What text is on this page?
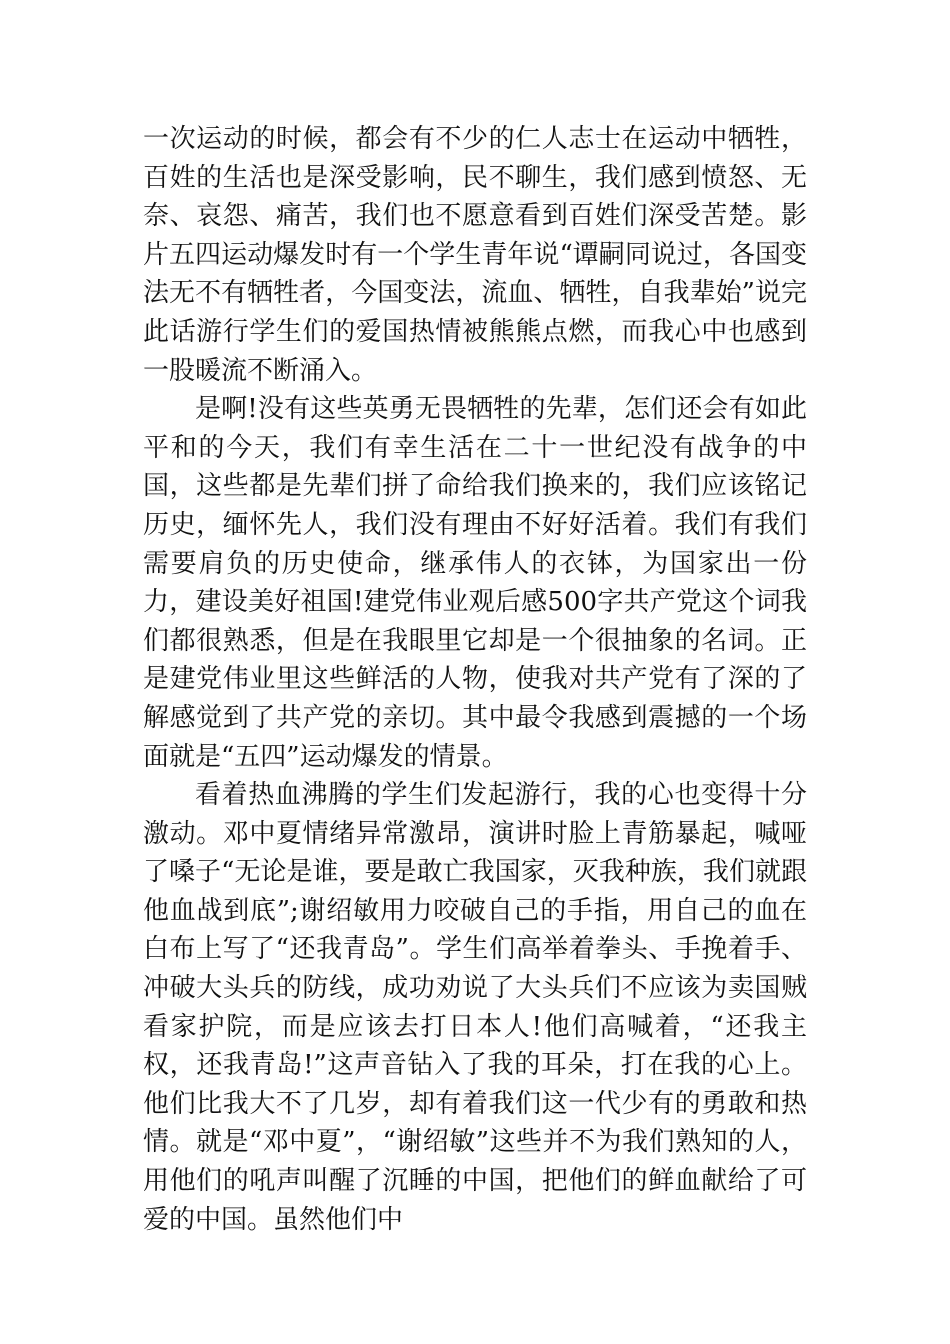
一次运动的时候，都会有不少的仁人志士在运动中牺牲，百姓的生活也是深受影响，民不聊生，我们感到愤怒、无奈、哀怨、痛苦，我们也不愿意看到百姓们深受苦楚。影片五四运动爆发时有一个学生青年说“谭嗣同说过，各国变法无不有牺牲者，今国变法，流血、牺牲，自我辈始”说完此话游行学生们的爱国热情被熊熊点燃，而我心中也感到一股暖流不断涌入。

是啊!没有这些英勇无畏牺牲的先辈，怎们还会有如此平和的今天，我们有幸生活在二十一世纪没有战争的中国，这些都是先辈们拼了命给我们换来的，我们应该铭记历史，缅怀先人，我们没有理由不好好活着。我们有我们需要肩负的历史使命，继承伟人的衣钵，为国家出一份力，建设美好祖国!建党伟业观后感500字共产党这个词我们都很熟悉，但是在我眼里它却是一个很抽象的名词。正是建党伟业里这些鲜活的人物，使我对共产党有了深的了解感觉到了共产党的亲切。其中最令我感到震撼的一个场面就是“五四”运动爆发的情景。

看着热血沸腾的学生们发起游行，我的心也变得十分激动。邓中夏情绪异常激昂，演讲时脸上青筋暴起，喊哑了嗓子“无论是谁，要是敢亡我国家，灭我种族，我们就跟他血战到底”;谢绍敏用力咬破自己的手指，用自己的血在白布上写了“还我青岛”。学生们高举着拳头、手挽着手、冲破大头兵的防线，成功劝说了大头兵们不应该为卖国贼看家护院，而是应该去打日本人!他们高喊着，“还我主权，还我青岛!”这声音钻入了我的耳朵，打在我的心上。他们比我大不了几岁，却有着我们这一代少有的勇敢和热情。就是“邓中夏”，“谢绍敏”这些并不为我们熟知的人，用他们的吼声叫醒了沉睡的中国，把他们的鲜血献给了可爱的中国。虽然他们中
